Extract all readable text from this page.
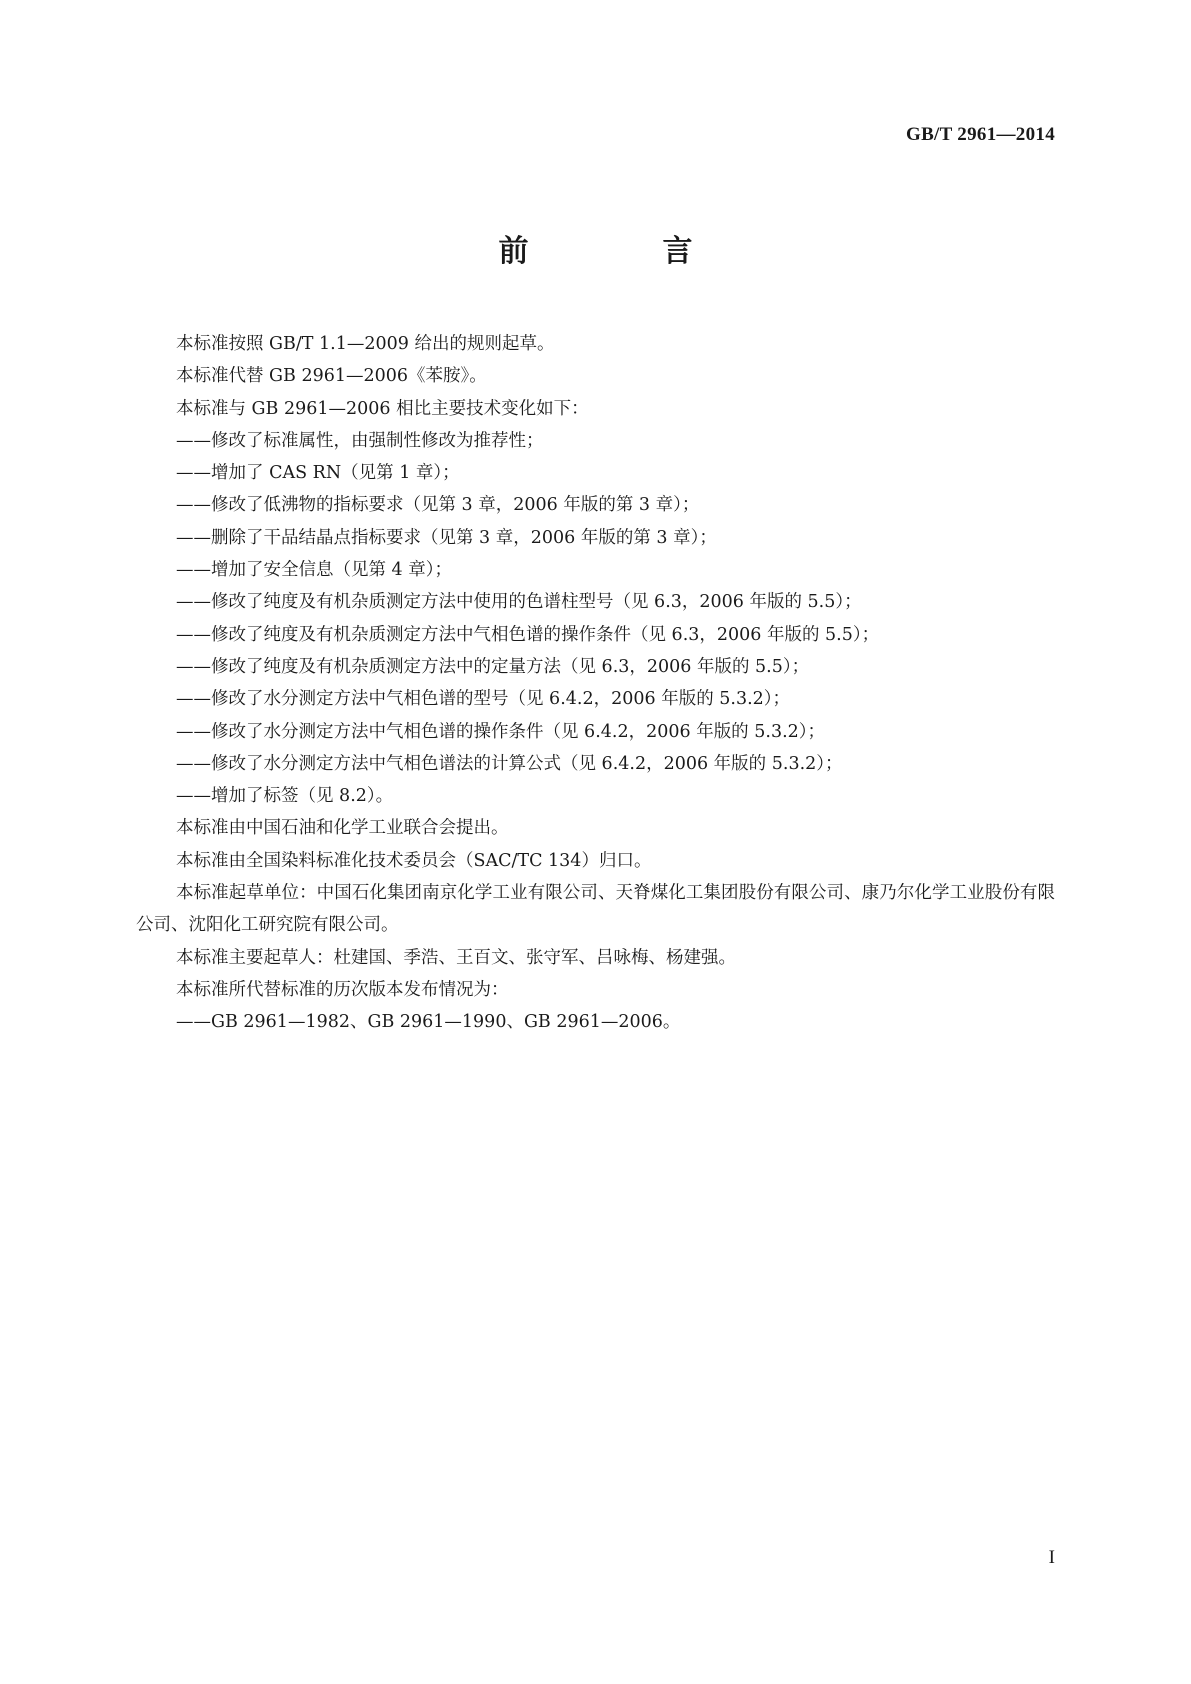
GB/T 2961—2014
前　言

本标准按照 GB/T 1.1—2009 给出的规则起草。

本标准代替 GB 2961—2006《苯胺》。

本标准与 GB 2961—2006 相比主要技术变化如下：

——修改了标准属性，由强制性修改为推荐性；

——增加了 CAS RN（见第 1 章）；

——修改了低沸物的指标要求（见第 3 章，2006 年版的第 3 章）；

——删除了干品结晶点指标要求（见第 3 章，2006 年版的第 3 章）；

——增加了安全信息（见第 4 章）；

——修改了纯度及有机杂质测定方法中使用的色谱柱型号（见 6.3，2006 年版的 5.5）；

——修改了纯度及有机杂质测定方法中气相色谱的操作条件（见 6.3，2006 年版的 5.5）；

——修改了纯度及有机杂质测定方法中的定量方法（见 6.3，2006 年版的 5.5）；

——修改了水分测定方法中气相色谱的型号（见 6.4.2，2006 年版的 5.3.2）；

——修改了水分测定方法中气相色谱的操作条件（见 6.4.2，2006 年版的 5.3.2）；

——修改了水分测定方法中气相色谱法的计算公式（见 6.4.2，2006 年版的 5.3.2）；

——增加了标签（见 8.2）。

本标准由中国石油和化学工业联合会提出。

本标准由全国染料标准化技术委员会（SAC/TC 134）归口。

本标准起草单位：中国石化集团南京化学工业有限公司、天脊煤化工集团股份有限公司、康乃尔化学工业股份有限公司、沈阳化工研究院有限公司。

本标准主要起草人：杜建国、季浩、王百文、张守军、吕咏梅、杨建强。

本标准所代替标准的历次版本发布情况为：

——GB 2961—1982、GB 2961—1990、GB 2961—2006。

I
